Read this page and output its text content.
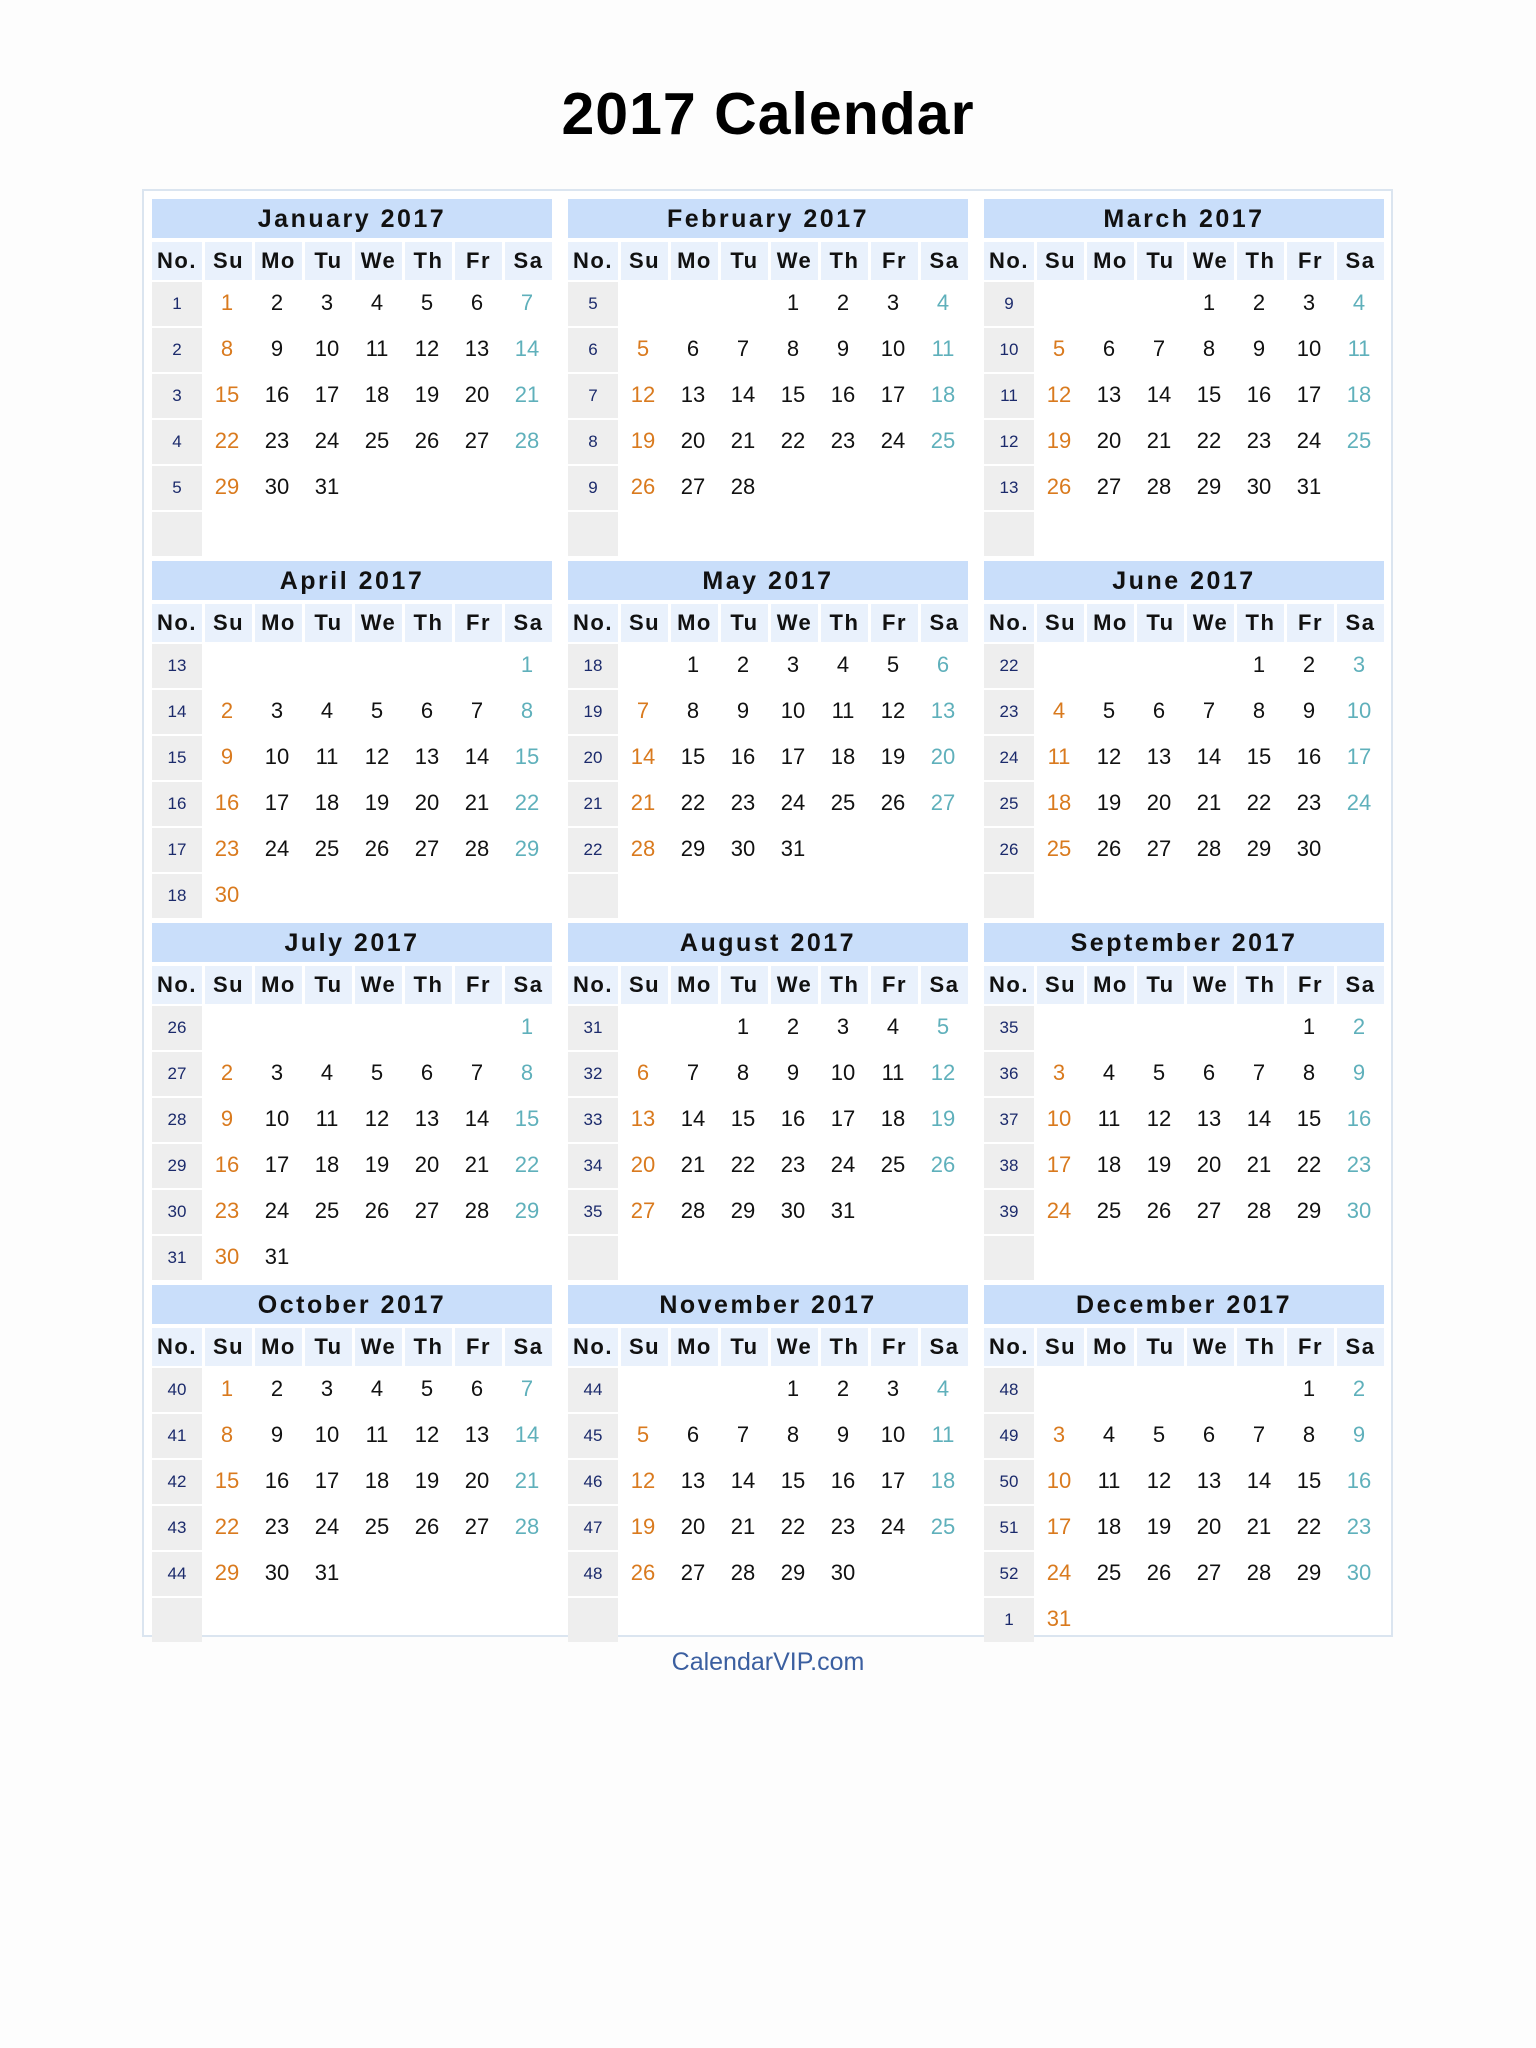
2017 Calendar
January 2017
No.	Su	Mo	Tu	We	Th	Fr	Sa
1	1	2	3	4	5	6	7
2	8	9	10	11	12	13	14
3	15	16	17	18	19	20	21
4	22	23	24	25	26	27	28
5	29	30	31				

February 2017
No.	Su	Mo	Tu	We	Th	Fr	Sa
5				1	2	3	4
6	5	6	7	8	9	10	11
7	12	13	14	15	16	17	18
8	19	20	21	22	23	24	25
9	26	27	28				

March 2017
No.	Su	Mo	Tu	We	Th	Fr	Sa
9				1	2	3	4
10	5	6	7	8	9	10	11
11	12	13	14	15	16	17	18
12	19	20	21	22	23	24	25
13	26	27	28	29	30	31	

April 2017
No.	Su	Mo	Tu	We	Th	Fr	Sa
13							1
14	2	3	4	5	6	7	8
15	9	10	11	12	13	14	15
16	16	17	18	19	20	21	22
17	23	24	25	26	27	28	29
18	30						
May 2017
No.	Su	Mo	Tu	We	Th	Fr	Sa
18		1	2	3	4	5	6
19	7	8	9	10	11	12	13
20	14	15	16	17	18	19	20
21	21	22	23	24	25	26	27
22	28	29	30	31			

June 2017
No.	Su	Mo	Tu	We	Th	Fr	Sa
22					1	2	3
23	4	5	6	7	8	9	10
24	11	12	13	14	15	16	17
25	18	19	20	21	22	23	24
26	25	26	27	28	29	30	

July 2017
No.	Su	Mo	Tu	We	Th	Fr	Sa
26							1
27	2	3	4	5	6	7	8
28	9	10	11	12	13	14	15
29	16	17	18	19	20	21	22
30	23	24	25	26	27	28	29
31	30	31					
August 2017
No.	Su	Mo	Tu	We	Th	Fr	Sa
31			1	2	3	4	5
32	6	7	8	9	10	11	12
33	13	14	15	16	17	18	19
34	20	21	22	23	24	25	26
35	27	28	29	30	31		

September 2017
No.	Su	Mo	Tu	We	Th	Fr	Sa
35						1	2
36	3	4	5	6	7	8	9
37	10	11	12	13	14	15	16
38	17	18	19	20	21	22	23
39	24	25	26	27	28	29	30

October 2017
No.	Su	Mo	Tu	We	Th	Fr	Sa
40	1	2	3	4	5	6	7
41	8	9	10	11	12	13	14
42	15	16	17	18	19	20	21
43	22	23	24	25	26	27	28
44	29	30	31				

November 2017
No.	Su	Mo	Tu	We	Th	Fr	Sa
44				1	2	3	4
45	5	6	7	8	9	10	11
46	12	13	14	15	16	17	18
47	19	20	21	22	23	24	25
48	26	27	28	29	30		

December 2017
No.	Su	Mo	Tu	We	Th	Fr	Sa
48						1	2
49	3	4	5	6	7	8	9
50	10	11	12	13	14	15	16
51	17	18	19	20	21	22	23
52	24	25	26	27	28	29	30
1	31						
CalendarVIP.com
